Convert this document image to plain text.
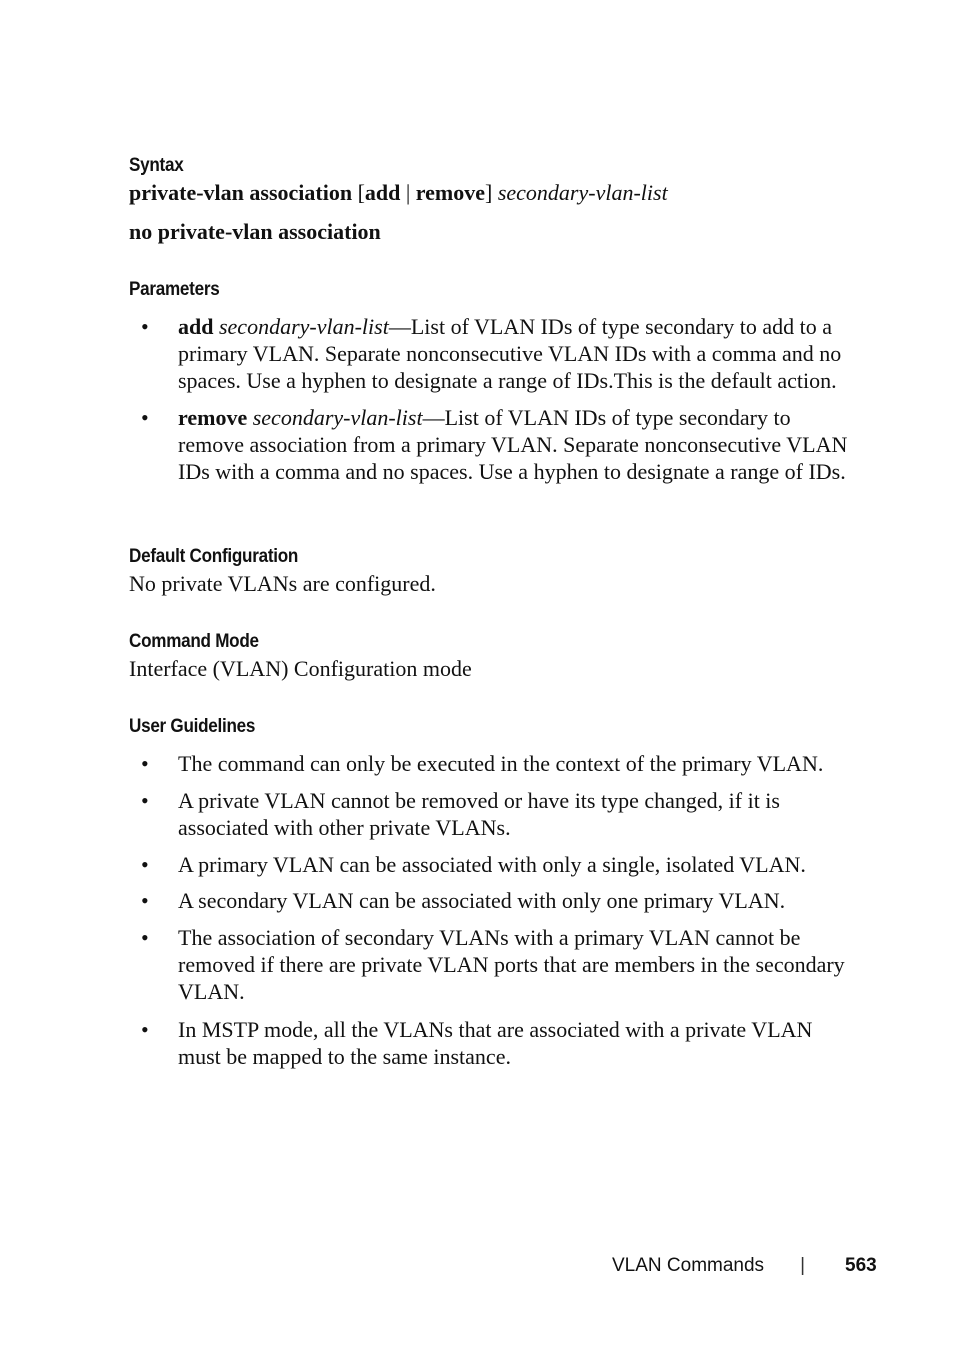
Syntax
private-vlan association [add | remove] secondary-vlan-list
no private-vlan association
Parameters
• add secondary-vlan-list—List of VLAN IDs of type secondary to add to a primary VLAN. Separate nonconsecutive VLAN IDs with a comma and no spaces. Use a hyphen to designate a range of IDs.This is the default action.
• remove secondary-vlan-list—List of VLAN IDs of type secondary to remove association from a primary VLAN. Separate nonconsecutive VLAN IDs with a comma and no spaces. Use a hyphen to designate a range of IDs.
Default Configuration
No private VLANs are configured.
Command Mode
Interface (VLAN) Configuration mode
User Guidelines
• The command can only be executed in the context of the primary VLAN.
• A private VLAN cannot be removed or have its type changed, if it is associated with other private VLANs.
• A primary VLAN can be associated with only a single, isolated VLAN.
• A secondary VLAN can be associated with only one primary VLAN.
• The association of secondary VLANs with a primary VLAN cannot be removed if there are private VLAN ports that are members in the secondary VLAN.
• In MSTP mode, all the VLANs that are associated with a private VLAN must be mapped to the same instance.
VLAN Commands | 563
